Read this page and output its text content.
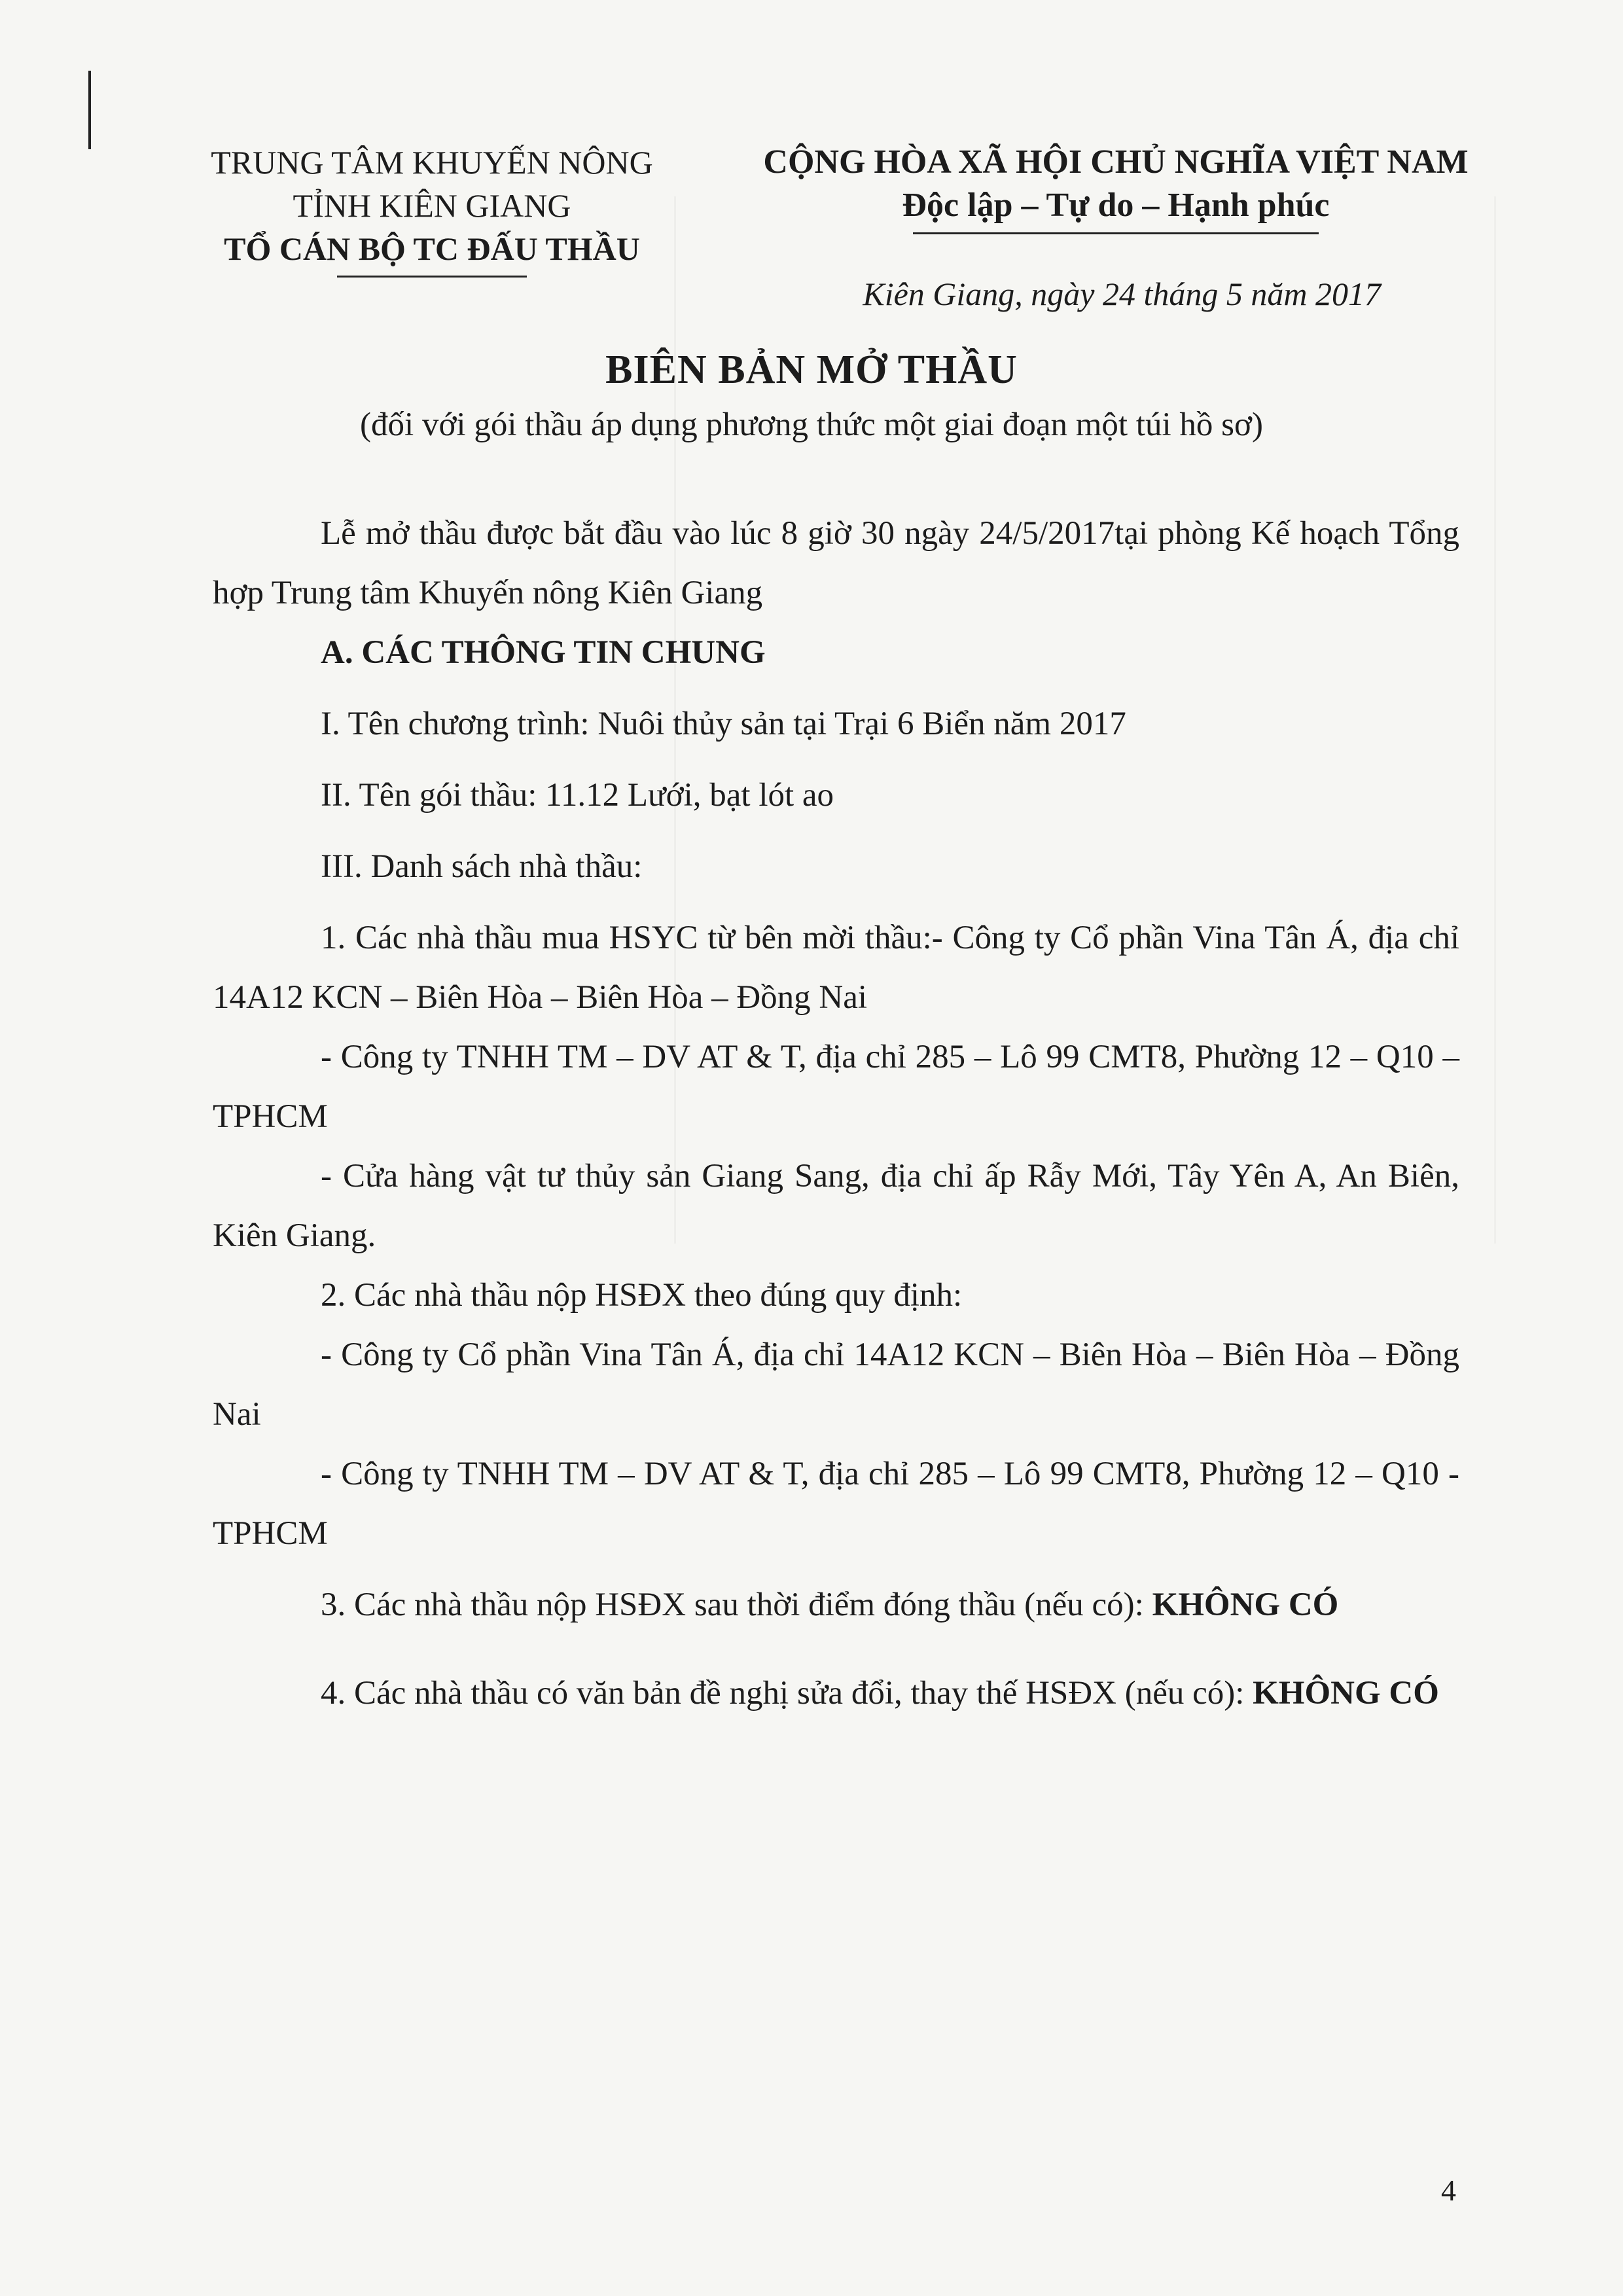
TRUNG TÂM KHUYẾN NÔNG
TỈNH KIÊN GIANG
TỔ CÁN BỘ TC ĐẤU THẦU
CỘNG HÒA XÃ HỘI CHỦ NGHĨA VIỆT NAM
Độc lập – Tự do – Hạnh phúc
Kiên Giang, ngày 24 tháng 5 năm 2017
BIÊN BẢN MỞ THẦU
(đối với gói thầu áp dụng phương thức một giai đoạn một túi hồ sơ)

Lễ mở thầu được bắt đầu vào lúc 8 giờ 30 ngày 24/5/2017tại phòng Kế hoạch Tổng hợp Trung tâm Khuyến nông Kiên Giang

A. CÁC THÔNG TIN CHUNG

I. Tên chương trình: Nuôi thủy sản tại Trại 6 Biển năm 2017

II. Tên gói thầu: 11.12 Lưới, bạt lót ao

III. Danh sách nhà thầu:

1. Các nhà thầu mua HSYC từ bên mời thầu:- Công ty Cổ phần Vina Tân Á, địa chỉ 14A12 KCN – Biên Hòa – Biên Hòa – Đồng Nai

- Công ty TNHH TM – DV AT & T, địa chỉ 285 – Lô 99 CMT8, Phường 12 – Q10 – TPHCM

- Cửa hàng vật tư thủy sản Giang Sang, địa chỉ ấp Rẫy Mới, Tây Yên A, An Biên, Kiên Giang.

2. Các nhà thầu nộp HSĐX theo đúng quy định:

- Công ty Cổ phần Vina Tân Á, địa chỉ 14A12 KCN – Biên Hòa – Biên Hòa – Đồng Nai

- Công ty TNHH TM – DV AT & T, địa chỉ 285 – Lô 99 CMT8, Phường 12 – Q10 - TPHCM

3. Các nhà thầu nộp HSĐX sau thời điểm đóng thầu (nếu có): KHÔNG CÓ

4. Các nhà thầu có văn bản đề nghị sửa đổi, thay thế HSĐX (nếu có): KHÔNG CÓ

4
